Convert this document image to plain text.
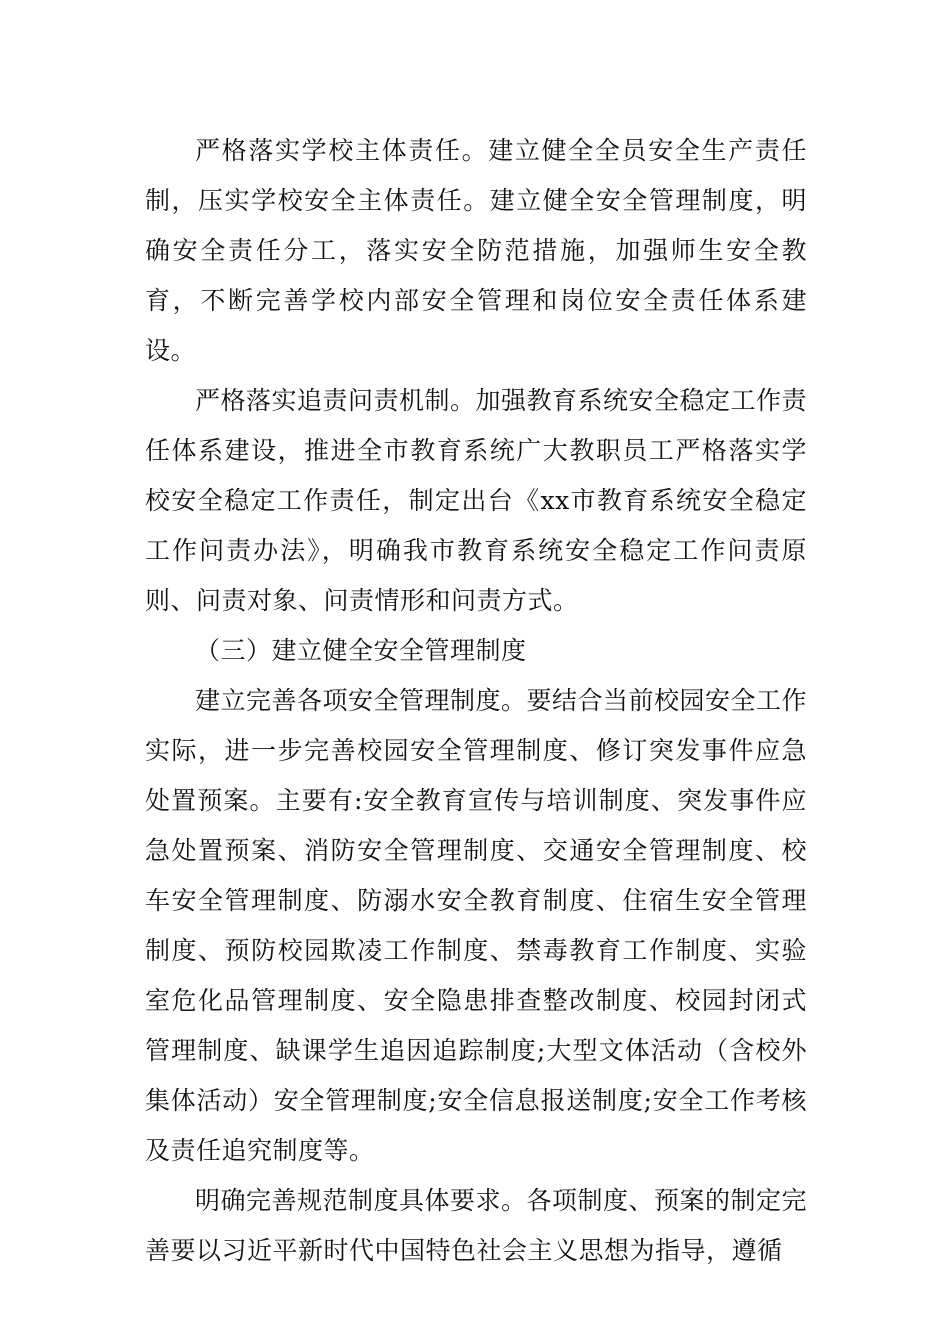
严格落实学校主体责任。建立健全全员安全生产责任制，压实学校安全主体责任。建立健全安全管理制度，明确安全责任分工，落实安全防范措施，加强师生安全教育，不断完善学校内部安全管理和岗位安全责任体系建设。

严格落实追责问责机制。加强教育系统安全稳定工作责任体系建设，推进全市教育系统广大教职员工严格落实学校安全稳定工作责任，制定出台《xx市教育系统安全稳定工作问责办法》，明确我市教育系统安全稳定工作问责原则、问责对象、问责情形和问责方式。

（三）建立健全安全管理制度

建立完善各项安全管理制度。要结合当前校园安全工作实际，进一步完善校园安全管理制度、修订突发事件应急处置预案。主要有:安全教育宣传与培训制度、突发事件应急处置预案、消防安全管理制度、交通安全管理制度、校车安全管理制度、防溺水安全教育制度、住宿生安全管理制度、预防校园欺凌工作制度、禁毒教育工作制度、实验室危化品管理制度、安全隐患排查整改制度、校园封闭式管理制度、缺课学生追因追踪制度;大型文体活动（含校外集体活动）安全管理制度;安全信息报送制度;安全工作考核及责任追究制度等。

明确完善规范制度具体要求。各项制度、预案的制定完善要以习近平新时代中国特色社会主义思想为指导，遵循
